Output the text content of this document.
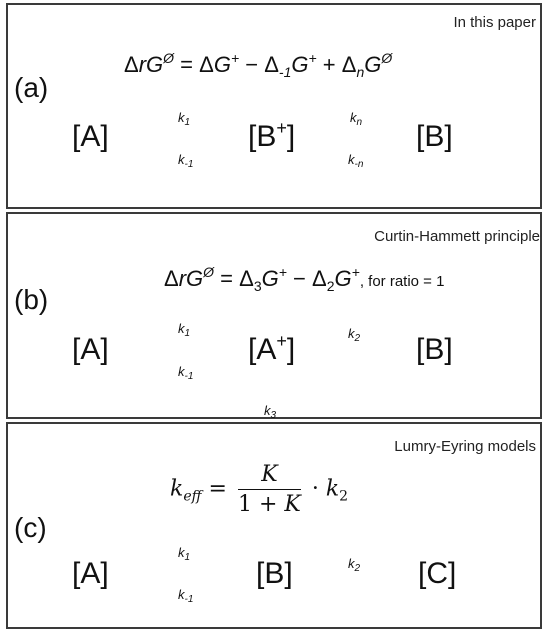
In this paper
(a)
$\Delta rG^Ø = \Delta G^+ - \Delta_{-1}G^+ + \Delta_nG^Ø$
[A]	[B+]	[B]
$k_1$
$k_{-1}$
$k_n$
$k_{-n}$
Curtin-Hammett principle
(b)
$\Delta rG^Ø = \Delta_3G^+ - \Delta_2G^+$, for ratio = 1
[A]	[A+]	[B]
$k_1$
$k_{-1}$
$k_2$
$k_3$
Lumry-Eyring models
(c)
$k_{eff} = \frac{K}{1 + K} \cdot k_2$
[A]	[B]	[C]
$k_1$
$k_{-1}$
$k_2$
